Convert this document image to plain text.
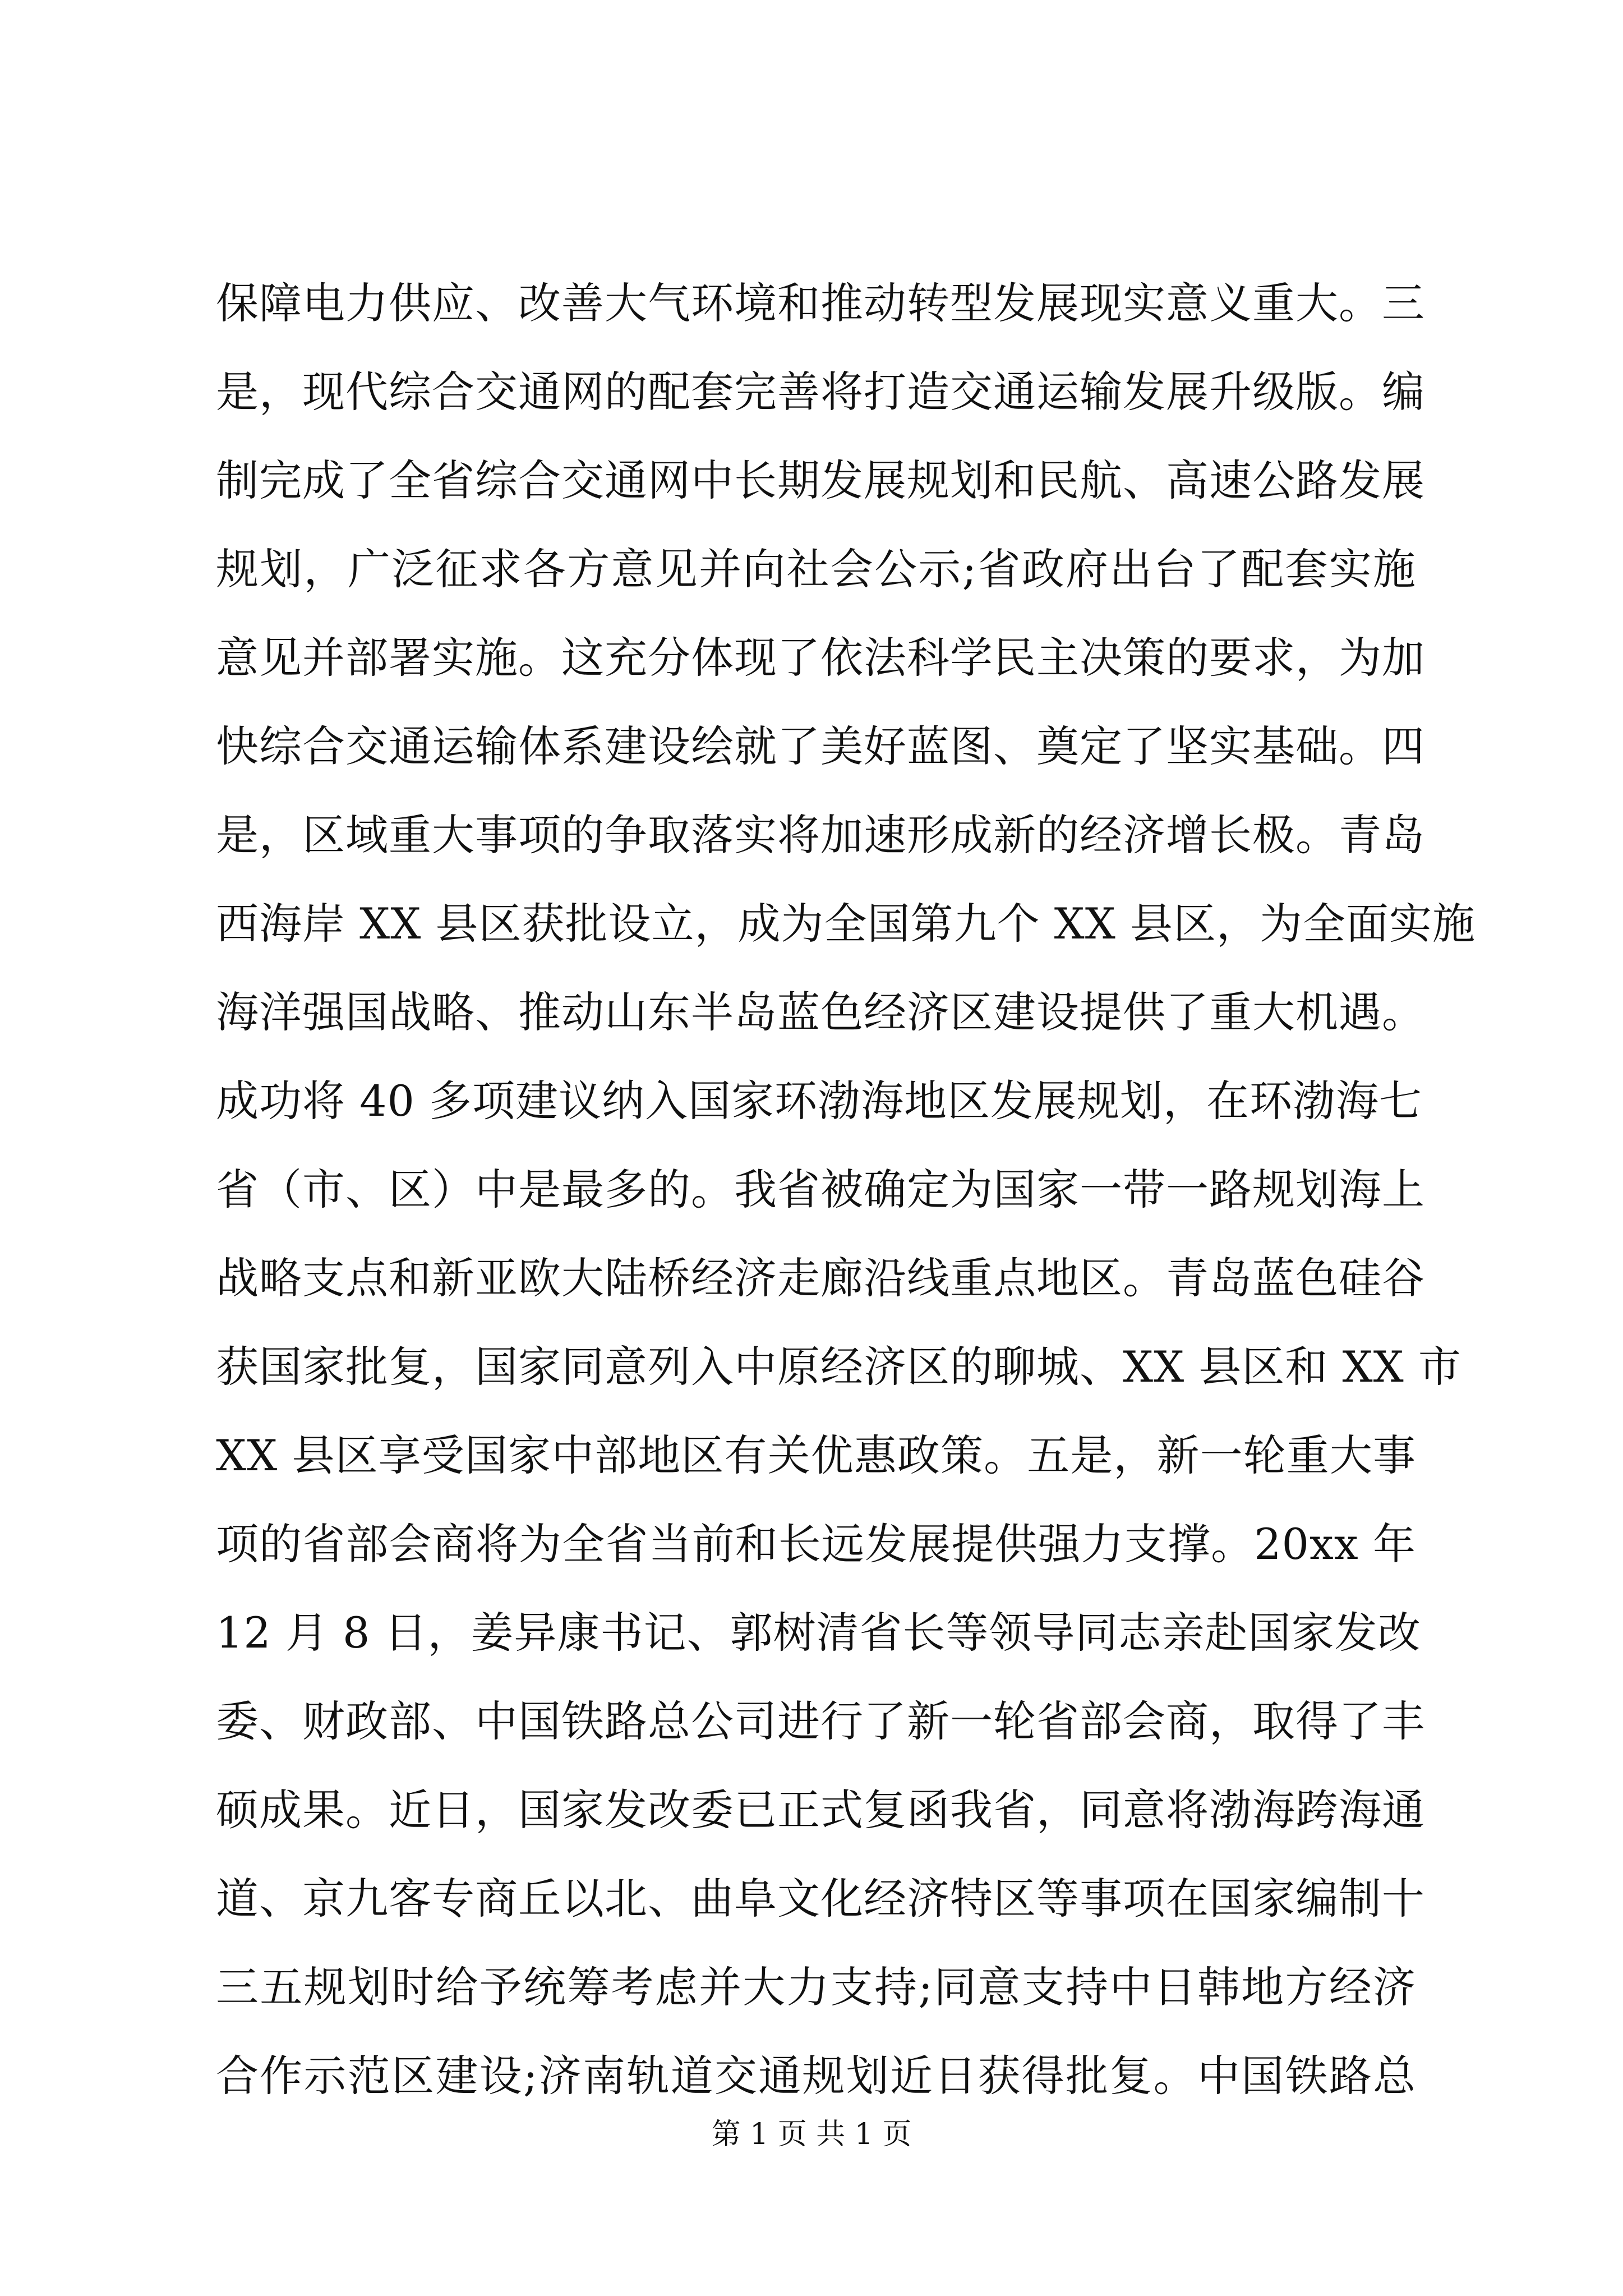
保障电力供应、改善大气环境和推动转型发展现实意义重大。三
是，现代综合交通网的配套完善将打造交通运输发展升级版。编
制完成了全省综合交通网中长期发展规划和民航、高速公路发展
规划，广泛征求各方意见并向社会公示;省政府出台了配套实施
意见并部署实施。这充分体现了依法科学民主决策的要求，为加
快综合交通运输体系建设绘就了美好蓝图、奠定了坚实基础。四
是，区域重大事项的争取落实将加速形成新的经济增长极。青岛
西海岸 XX 县区获批设立，成为全国第九个 XX 县区，为全面实施
海洋强国战略、推动山东半岛蓝色经济区建设提供了重大机遇。
成功将 40 多项建议纳入国家环渤海地区发展规划，在环渤海七
省（市、区）中是最多的。我省被确定为国家一带一路规划海上
战略支点和新亚欧大陆桥经济走廊沿线重点地区。青岛蓝色硅谷
获国家批复，国家同意列入中原经济区的聊城、XX 县区和 XX 市
XX 县区享受国家中部地区有关优惠政策。五是，新一轮重大事
项的省部会商将为全省当前和长远发展提供强力支撑。20xx 年
12 月 8 日，姜异康书记、郭树清省长等领导同志亲赴国家发改
委、财政部、中国铁路总公司进行了新一轮省部会商，取得了丰
硕成果。近日，国家发改委已正式复函我省，同意将渤海跨海通
道、京九客专商丘以北、曲阜文化经济特区等事项在国家编制十
三五规划时给予统筹考虑并大力支持;同意支持中日韩地方经济
合作示范区建设;济南轨道交通规划近日获得批复。中国铁路总
第 1 页 共 1 页
